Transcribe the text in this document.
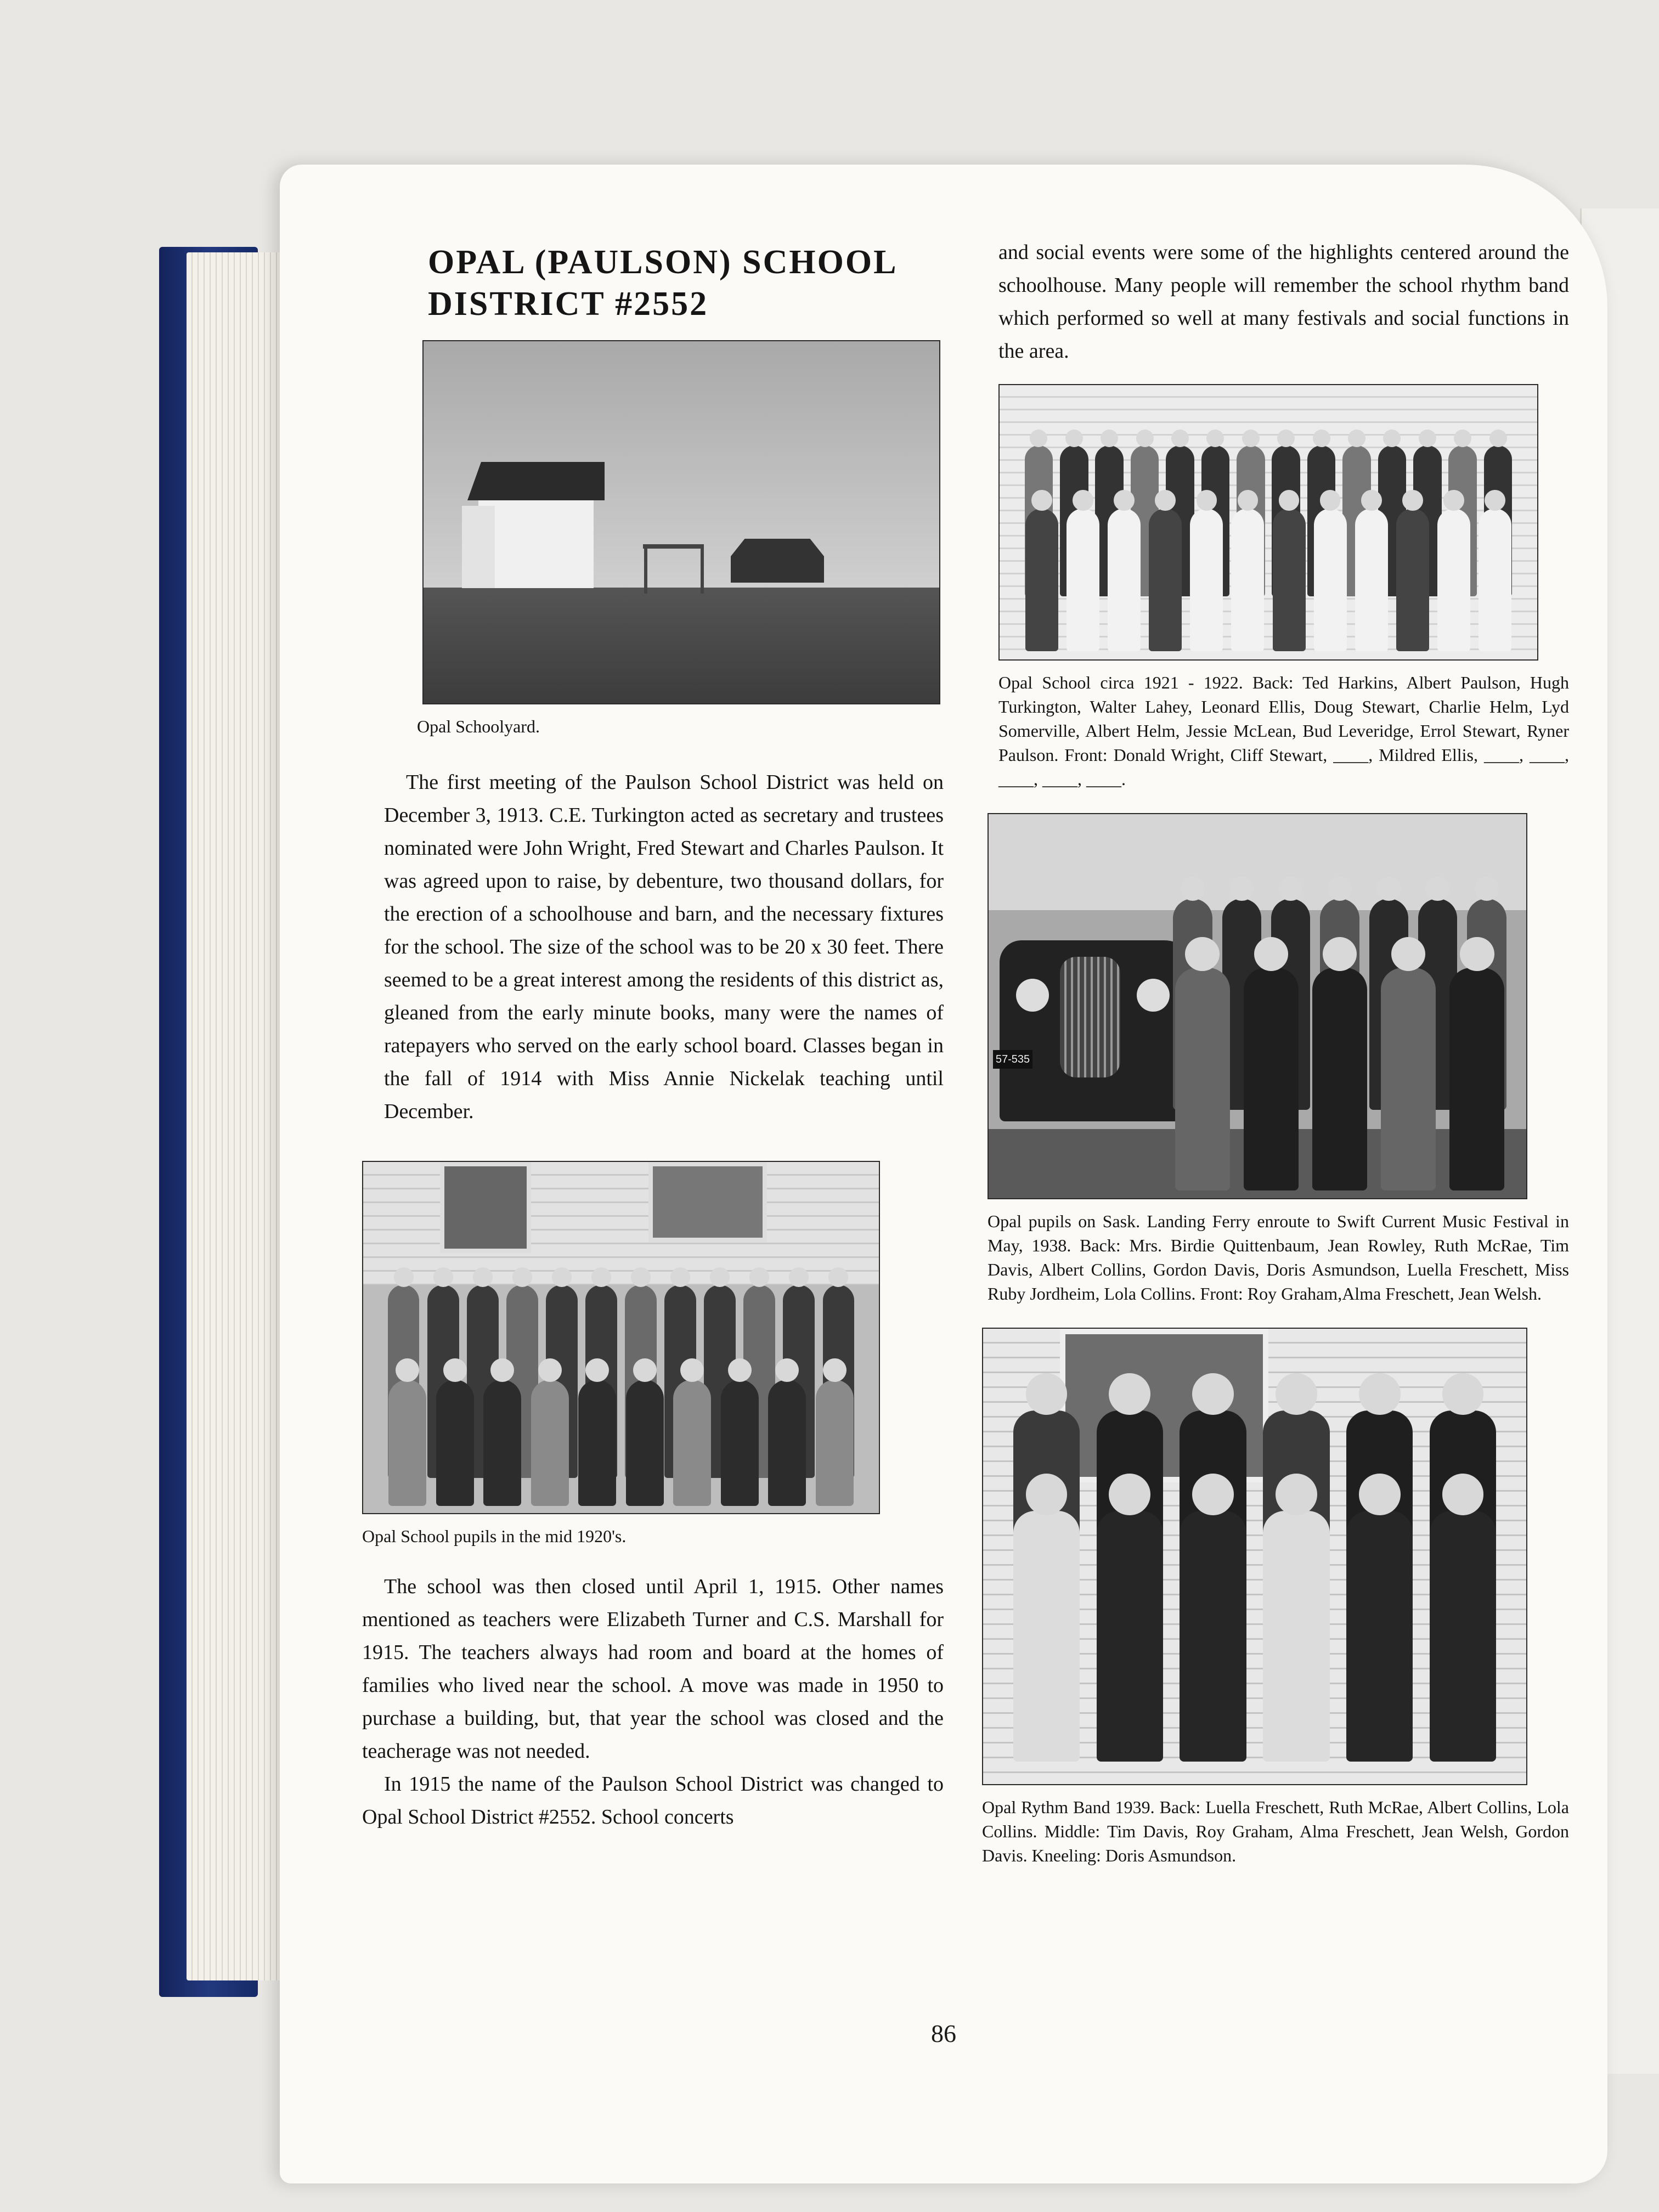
OPAL (PAULSON) SCHOOL DISTRICT #2552
Opal Schoolyard.

The first meeting of the Paulson School District was held on December 3, 1913. C.E. Turkington acted as secretary and trustees nominated were John Wright, Fred Stewart and Charles Paulson. It was agreed upon to raise, by debenture, two thousand dollars, for the erection of a schoolhouse and barn, and the necessary fixtures for the school. The size of the school was to be 20 x 30 feet. There seemed to be a great interest among the residents of this district as, gleaned from the early minute books, many were the names of ratepayers who served on the early school board. Classes began in the fall of 1914 with Miss Annie Nickelak teaching until December.

Opal School pupils in the mid 1920's.

The school was then closed until April 1, 1915. Other names mentioned as teachers were Elizabeth Turner and C.S. Marshall for 1915. The teachers always had room and board at the homes of families who lived near the school. A move was made in 1950 to purchase a building, but, that year the school was closed and the teacherage was not needed.

In 1915 the name of the Paulson School District was changed to Opal School District #2552. School concerts

and social events were some of the highlights centered around the schoolhouse. Many people will remember the school rhythm band which performed so well at many festivals and social functions in the area.

Opal School circa 1921 - 1922. Back: Ted Harkins, Albert Paulson, Hugh Turkington, Walter Lahey, Leonard Ellis, Doug Stewart, Charlie Helm, Lyd Somerville, Albert Helm, Jessie McLean, Bud Leveridge, Errol Stewart, Ryner Paulson. Front: Donald Wright, Cliff Stewart, ____, Mildred Ellis, ____, ____, ____, ____, ____.
57-535
Opal pupils on Sask. Landing Ferry enroute to Swift Current Music Festival in May, 1938. Back: Mrs. Birdie Quittenbaum, Jean Rowley, Ruth McRae, Tim Davis, Albert Collins, Gordon Davis, Doris Asmundson, Luella Freschett, Miss Ruby Jordheim, Lola Collins. Front: Roy Graham,Alma Freschett, Jean Welsh.
Opal Rythm Band 1939. Back: Luella Freschett, Ruth McRae, Albert Collins, Lola Collins. Middle: Tim Davis, Roy Graham, Alma Freschett, Jean Welsh, Gordon Davis. Kneeling: Doris Asmundson.
86
